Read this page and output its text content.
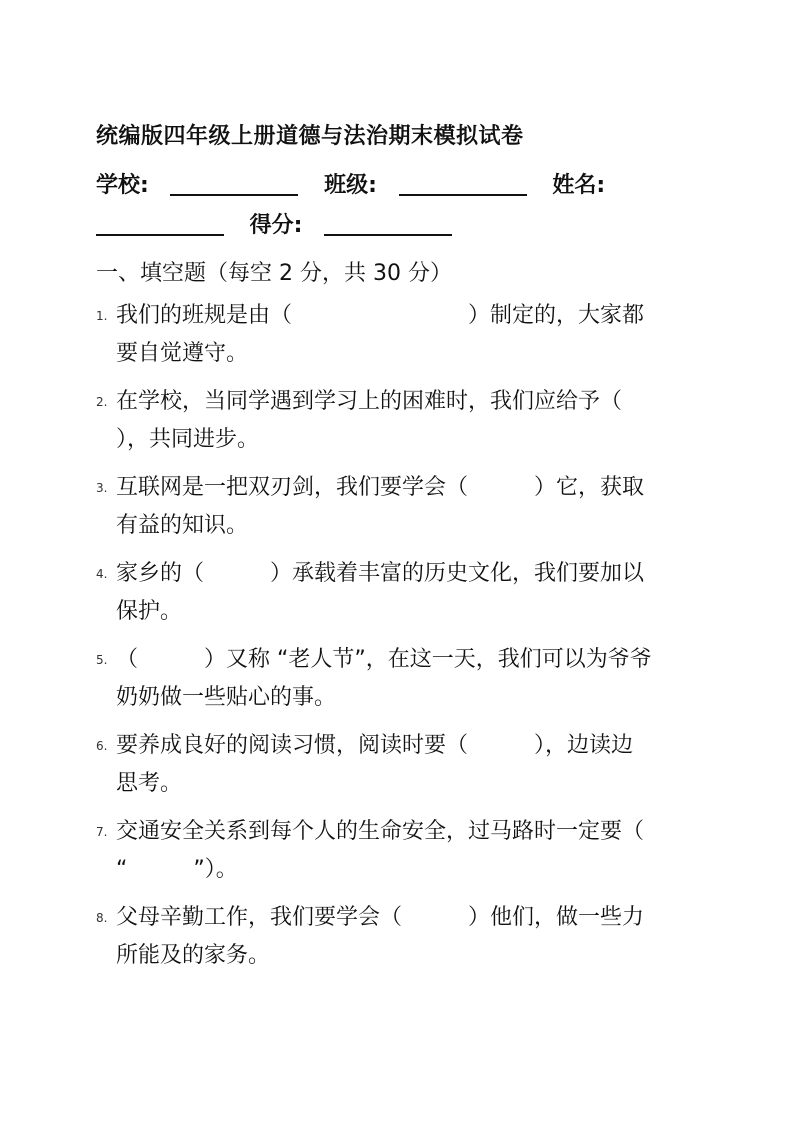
统编版四年级上册道德与法治期末模拟试卷
学校:	班级:	姓名:
得分:
一、填空题（每空 2 分，共 30 分）
1. 我们的班规是由（　　　　　　　　）制定的，大家都
要自觉遵守。
2. 在学校，当同学遇到学习上的困难时，我们应给予（
），共同进步。
3. 互联网是一把双刃剑，我们要学会（　　　）它，获取
有益的知识。
4. 家乡的（　　　）承载着丰富的历史文化，我们要加以
保护。
5. （　　　）又称 “老人节”，在这一天，我们可以为爷爷
奶奶做一些贴心的事。
6. 要养成良好的阅读习惯，阅读时要（　　　），边读边
思考。
7. 交通安全关系到每个人的生命安全，过马路时一定要（
“　　　”）。
8. 父母辛勤工作，我们要学会（　　　）他们，做一些力
所能及的家务。
